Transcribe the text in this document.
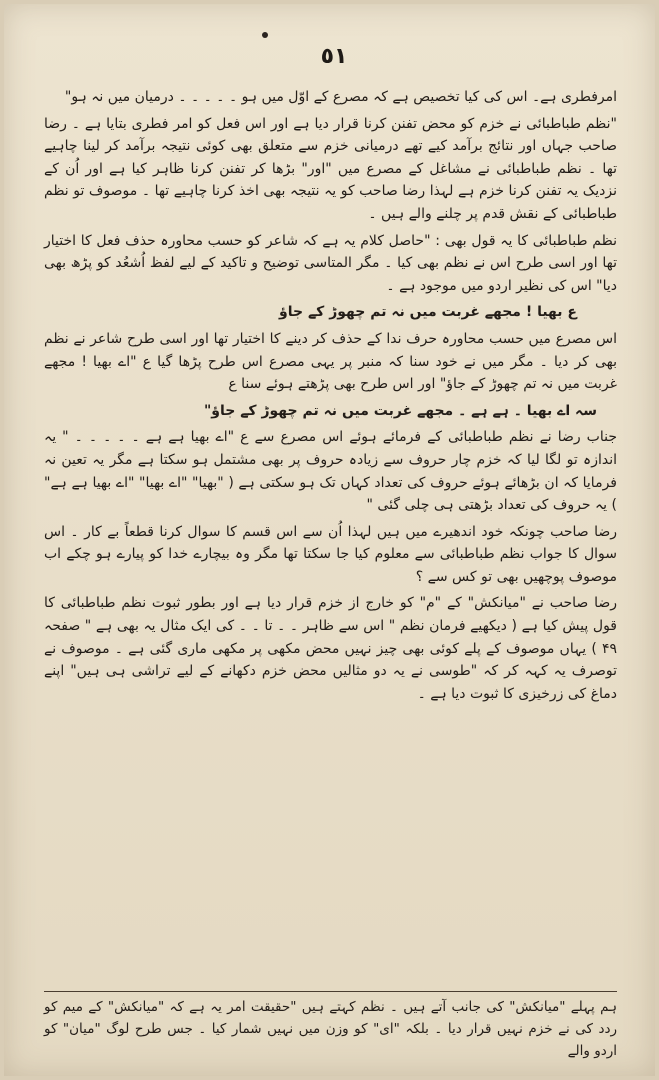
٥١

امرفطری ہے۔ اس کی کیا تخصیص ہے کہ مصرع کے اوّل میں ہو ۔ ۔ ۔ ۔ ۔ درمیان میں نہ ہو"

"نظم طباطبائی نے خزم کو محض تفنن کرنا قرار دیا ہے اور اس فعل کو امر فطری بتایا ہے ۔ رضا صاحب جہاں اور نتائج برآمد کیے تھے درمیانی خزم سے متعلق بھی کوئی نتیجہ برآمد کر لینا چاہیے تھا ۔ نظم طباطبائی نے مشاغل کے مصرع میں "اور" بڑھا کر تفنن کرنا ظاہر کیا ہے اور اُن کے نزدیک یہ تفنن کرنا خزم ہے لہذا رضا صاحب کو یہ نتیجہ بھی اخذ کرنا چاہیے تھا ۔ موصوف تو نظم طباطبائی کے نقش قدم پر چلنے والے ہیں ۔

نظم طباطبائی کا یہ قول بھی : "حاصل کلام یہ ہے کہ شاعر کو حسب محاورہ حذف فعل کا اختیار تھا اور اسی طرح اس نے نظم بھی کیا ۔ مگر المتاسی توضیح و تاکید کے لیے لفظ اُشعُد کو پڑھ بھی دیا" اس کی نظیر اردو میں موجود ہے ۔

ع بھیا ! مجھے غربت میں نہ تم چھوڑ کے جاؤ

اس مصرع میں حسب محاورہ حرف ندا کے حذف کر دینے کا اختیار تھا اور اسی طرح شاعر نے نظم بھی کر دیا ۔ مگر میں نے خود سنا کہ منبر پر یہی مصرع اس طرح پڑھا گیا ع "اے بھیا ! مجھے غربت میں نہ تم چھوڑ کے جاؤ" اور اس طرح بھی پڑھتے ہوئے سنا ع

سہ اے بھیا ۔ ہے ہے ۔ مجھے غربت میں نہ تم چھوڑ کے جاؤ"

جناب رضا نے نظم طباطبائی کے فرمائے ہوئے اس مصرع سے ع "اے بھیا ہے ہے ۔ ۔ ۔ ۔ ۔ " یہ اندازہ تو لگا لیا کہ خزم چار حروف سے زیادہ حروف پر بھی مشتمل ہو سکتا ہے مگر یہ تعین نہ فرمایا کہ ان بڑھائے ہوئے حروف کی تعداد کہاں تک ہو سکتی ہے ( "بھیا" "اے بھیا" "اے بھیا ہے ہے" ) یہ حروف کی تعداد بڑھتی ہی چلی گئی "

رضا صاحب چونکہ خود اندھیرے میں ہیں لہذا اُن سے اس قسم کا سوال کرنا قطعاً بے کار ۔ اس سوال کا جواب نظم طباطبائی سے معلوم کیا جا سکتا تھا مگر وہ بیچارے خدا کو پیارے ہو چکے اب موصوف پوچھیں بھی تو کس سے ؟

رضا صاحب نے "میانکش" کے "م" کو خارج از خزم قرار دیا ہے اور بطور ثبوت نظم طباطبائی کا قول پیش کیا ہے ( دیکھیے فرمان نظم " اس سے ظاہر ۔ ۔ تا ۔ ۔ کی ایک مثال یہ بھی ہے " صفحہ ۴۹ ) یہاں موصوف کے پلے کوئی بھی چیز نہیں محض مکھی پر مکھی ماری گئی ہے ۔ موصوف نے توصرف یہ کہہ کر کہ "طوسی نے یہ دو مثالیں محض خزم دکھانے کے لیے تراشی ہی ہیں" اپنے دماغ کی زرخیزی کا ثبوت دیا ہے ۔

ہم پہلے "میانکش" کی جانب آتے ہیں ۔ نظم کہتے ہیں "حقیقت امر یہ ہے کہ "میانکش" کے میم کو ردد کی نے خزم نہیں قرار دیا ۔ بلکہ "ای" کو وزن میں نہیں شمار کیا ۔ جس طرح لوگ "میان" کو اردو والے
